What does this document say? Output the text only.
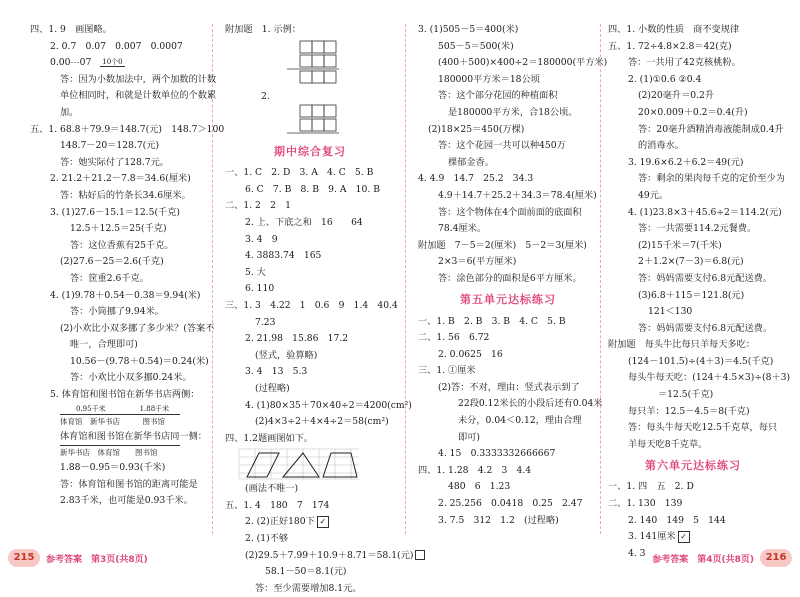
四、1. 9　画图略。
2. 0.7　0.07　0.007　0.0007
0.00⋯07 10个0
答：因为小数加法中，两个加数的计数
单位相同时，和就是计数单位的个数累
加。
五、1. 68.8＋79.9＝148.7(元)　148.7＞100
148.7－20＝128.7(元)
答：她实际付了128.7元。
2. 21.2＋21.2－7.8＝34.6(厘米)
答：粘好后的竹条长34.6厘米。
3. (1)27.6－15.1＝12.5(千克)
12.5＋12.5＝25(千克)
答：这位香蕉有25千克。
(2)27.6－25＝2.6(千克)
答：筐重2.6千克。
4. (1)9.78＋0.54－0.38＝9.94(米)
答：小筒挪了9.94米。
(2)小欢比小双多挪了多少米？(答案不
唯一，合理即可)
10.56－(9.78＋0.54)＝0.24(米)
答：小欢比小双多挪0.24米。
5. 体育馆和图书馆在新华书店两侧：
0.95千米	1.88千米
体育馆　新华书店　　　图书馆
体育馆和图书馆在新华书店同一侧：
新华书店　体育馆　　图书馆
1.88－0.95＝0.93(千米)
答：体育馆和图书馆的距离可能是
2.83千米，也可能是0.93千米。
附加题　1. 示例：
2.
期中综合复习
一、1. C　2. D　3. A　4. C　5. B
6. C　7. B　8. B　9. A　10. B
二、1. 2　2　1
2. 上、下底之和　16　　64
3. 4　9
4. 3883.74　165
5. 大
6. 110
三、1. 3　4.22　1　0.6　9　1.4　40.4
7.23
2. 21.98　15.86　17.2
(竖式，验算略)
3. 4　13　5.3
(过程略)
4. (1)80×35＋70×40÷2＝4200(cm²)
(2)4×3÷2＋4×4÷2＝58(cm²)
四、1.2题画图如下。
(画法不唯一)
五、1. 4　180　7　174
2. (2)正好180下 ✓
2. (1)不够
(2)29.5＋7.99＋10.9＋8.71＝58.1(元)
58.1－50＝8.1(元)
答：至少需要增加8.1元。
3. (1)505－5＝400(米)
505－5＝500(米)
(400＋500)×400÷2＝180000(平方米)
180000平方米＝18公顷
答：这个部分花园的种植面积
是180000平方米，合18公顷。
(2)18×25＝450(万棵)
答：这个花园一共可以种450万
棵郁金香。
4. 4.9　14.7　25.2　34.3
4.9＋14.7＋25.2＋34.3＝78.4(厘米)
答：这个物体在4个面前面的底面积
78.4厘米。
附加题　7－5＝2(厘米)　5－2＝3(厘米)
2×3＝6(平方厘米)
答：涂色部分的面积是6平方厘米。
第五单元达标练习
一、1. B　2. B　3. B　4. C　5. B
二、1. 56　6.72
2. 0.0625　16
三、1. ①厘米
(2)答：不对，理由：竖式表示到了
22段0.12米长的小段后还有0.04米
未分，0.04＜0.12，理由合理
即可)
4. 15　0.3333332666667
四、1. 1.28　4.2　3　4.4
480　6　1.23
2. 25.256　0.0418　0.25　2.47
3. 7.5　312　1.2　(过程略)
四、1. 小数的性质　商不变规律
五、1. 72÷4.8×2.8＝42(克)
答：一共用了42克核桃粉。
2. (1)①0.6 ②0.4
(2)20毫升＝0.2升
20×0.009＋0.2＝0.4(升)
答：20毫升酒精消毒液能制成0.4升
的消毒水。
3. 19.6×6.2＋6.2＝49(元)
答：剩余的果肉每千克的定价至少为
49元。
4. (1)23.8×3＋45.6÷2＝114.2(元)
答：一共需要114.2元餐费。
(2)15千米＝7(千米)
2＋1.2×(7－3)＝6.8(元)
答：妈妈需要支付6.8元配送费。
(3)6.8＋115＝121.8(元)
121＜130
答：妈妈需要支付6.8元配送费。
附加题　每头牛比每只羊每天多吃：
(124－101.5)÷(4＋3)＝4.5(千克)
每头牛每天吃：(124＋4.5×3)÷(8＋3)
＝12.5(千克)
每只羊：12.5－4.5＝8(千克)
答：每头牛每天吃12.5千克草，每只
羊每天吃8千克草。
第六单元达标练习
一、1. 四　五　2. D
二、1. 130　139
2. 140　149　5　144
3. 141厘米 ✓
4. 3
215	参考答案　第3页(共8页)	参考答案　第4页(共8页)	216
